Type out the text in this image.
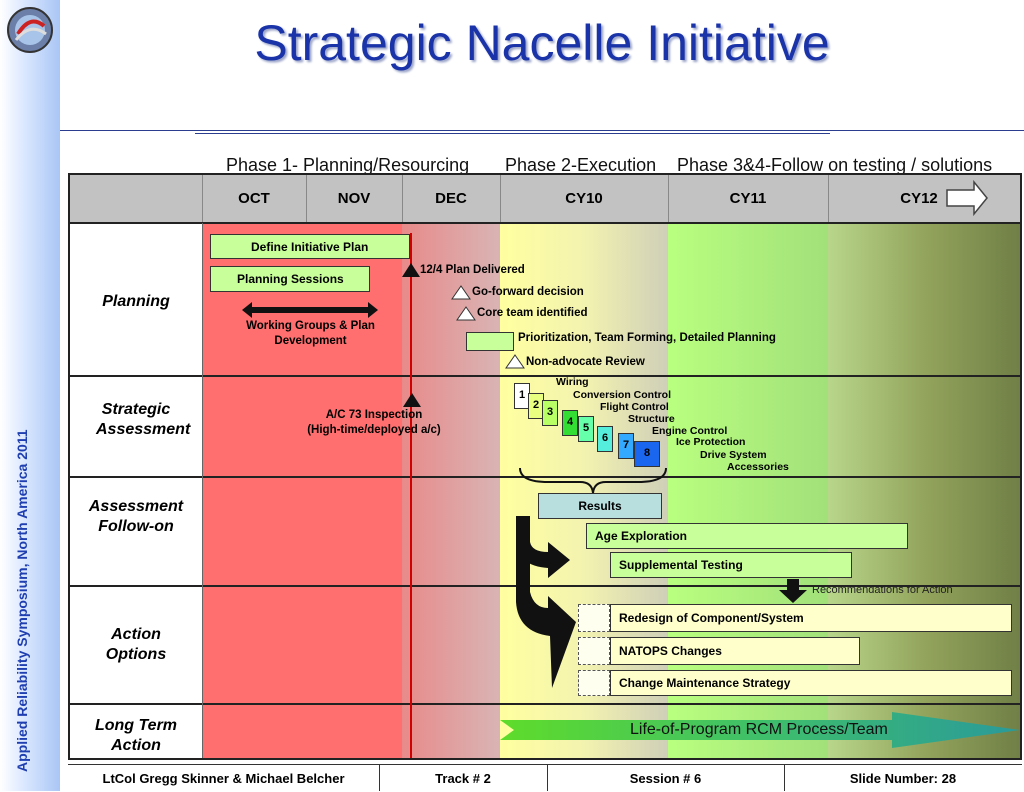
Applied Reliability Symposium, North America 2011
Strategic Nacelle Initiative
Phase 1- Planning/Resourcing Phase 2-Execution Phase 3&4-Follow on testing / solutions
OCT	NOV	DEC	CY10	CY11	CY12
Planning
Strategic Assessment
Assessment Follow-on
Action Options
Long Term Action
Define Initiative Plan
Planning Sessions
Working Groups & Plan Development
12/4 Plan Delivered
Go-forward decision
Core team identified
Prioritization, Team Forming, Detailed Planning
Non-advocate Review
A/C 73 Inspection
(High-time/deployed a/c)
1
2
3
4 5
6
7
8
Wiring
Conversion Control
Flight Control
Structure
Engine Control
Ice Protection
Drive System
Accessories
Results
Age Exploration
Supplemental Testing
Recommendations for Action
Redesign of Component/System
NATOPS Changes
Change Maintenance Strategy
Life-of-Program RCM Process/Team
LtCol Gregg Skinner & Michael Belcher	Track # 2	Session # 6	Slide Number: 28
